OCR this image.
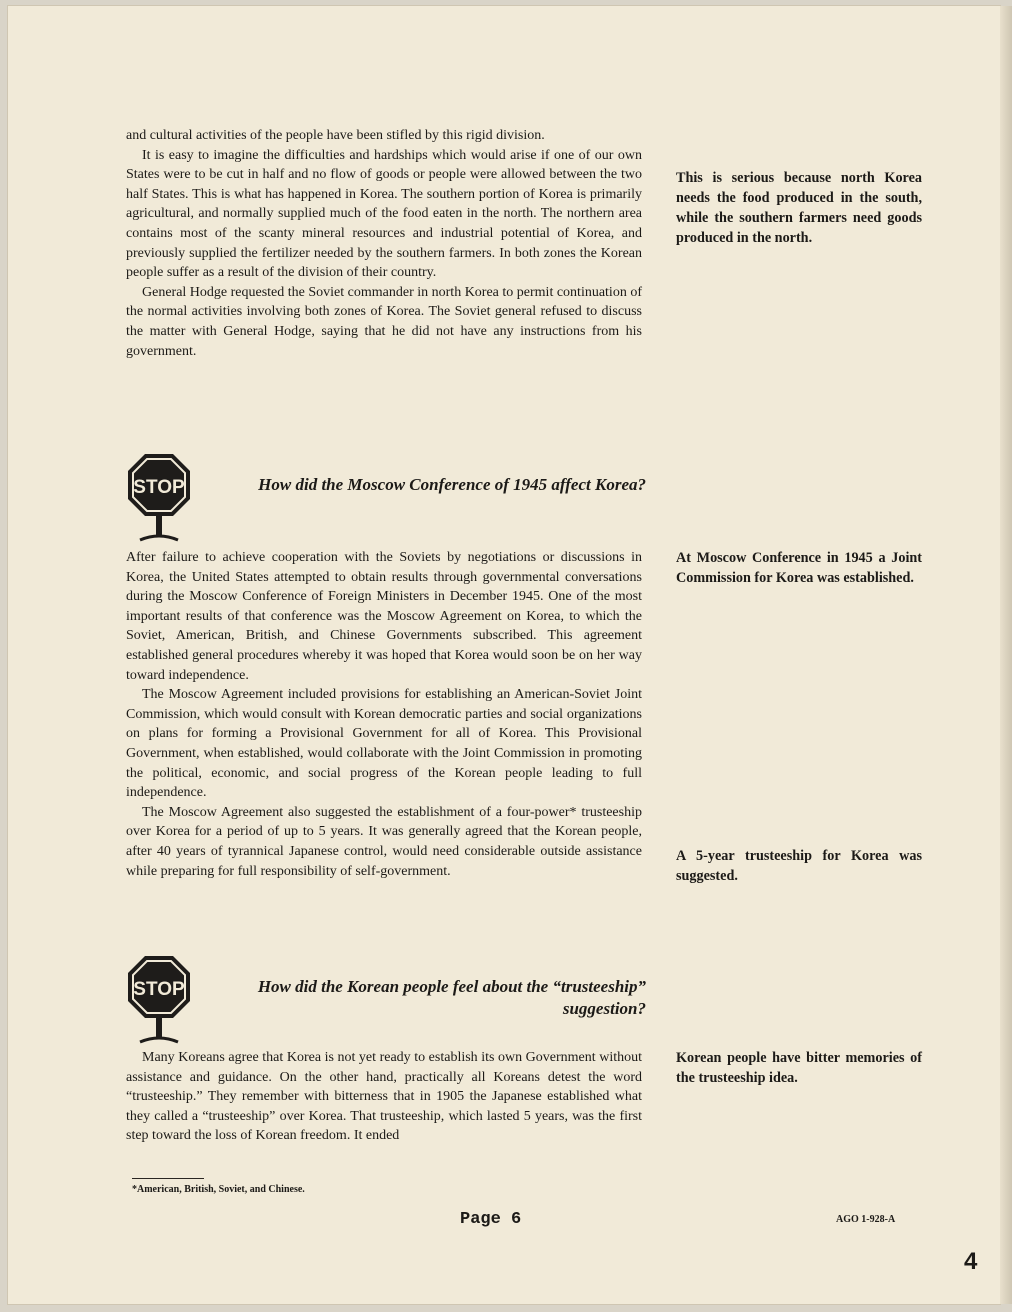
and cultural activities of the people have been stifled by this rigid division.

It is easy to imagine the difficulties and hardships which would arise if one of our own States were to be cut in half and no flow of goods or people were allowed between the two half States. This is what has happened in Korea. The southern portion of Korea is primarily agricultural, and normally supplied much of the food eaten in the north. The northern area contains most of the scanty mineral resources and industrial potential of Korea, and previously supplied the fertilizer needed by the southern farmers. In both zones the Korean people suffer as a result of the division of their country.

General Hodge requested the Soviet commander in north Korea to permit continuation of the normal activities involving both zones of Korea. The Soviet general refused to discuss the matter with General Hodge, saying that he did not have any instructions from his government.

STOP	How did the Moscow Conference of 1945 affect Korea?

After failure to achieve cooperation with the Soviets by negotiations or discussions in Korea, the United States attempted to obtain results through governmental conversations during the Moscow Conference of Foreign Ministers in December 1945. One of the most important results of that conference was the Moscow Agreement on Korea, to which the Soviet, American, British, and Chinese Governments subscribed. This agreement established general procedures whereby it was hoped that Korea would soon be on her way toward independence.

The Moscow Agreement included provisions for establishing an American-Soviet Joint Commission, which would consult with Korean democratic parties and social organizations on plans for forming a Provisional Government for all of Korea. This Provisional Government, when established, would collaborate with the Joint Commission in promoting the political, economic, and social progress of the Korean people leading to full independence.

The Moscow Agreement also suggested the establishment of a four-power* trusteeship over Korea for a period of up to 5 years. It was generally agreed that the Korean people, after 40 years of tyrannical Japanese control, would need considerable outside assistance while preparing for full responsibility of self-government.

STOP	How did the Korean people feel about the “trusteeship” suggestion?

Many Koreans agree that Korea is not yet ready to establish its own Government without assistance and guidance. On the other hand, practically all Koreans detest the word “trusteeship.” They remember with bitterness that in 1905 the Japanese established what they called a “trusteeship” over Korea. That trusteeship, which lasted 5 years, was the first step toward the loss of Korean freedom. It ended

This is serious because north Korea needs the food produced in the south, while the southern farmers need goods produced in the north.
At Moscow Conference in 1945 a Joint Commission for Korea was established.
A 5-year trusteeship for Korea was suggested.
Korean people have bitter memories of the trusteeship idea.
*American, British, Soviet, and Chinese.
Page 6	AGO 1-928-A
4
